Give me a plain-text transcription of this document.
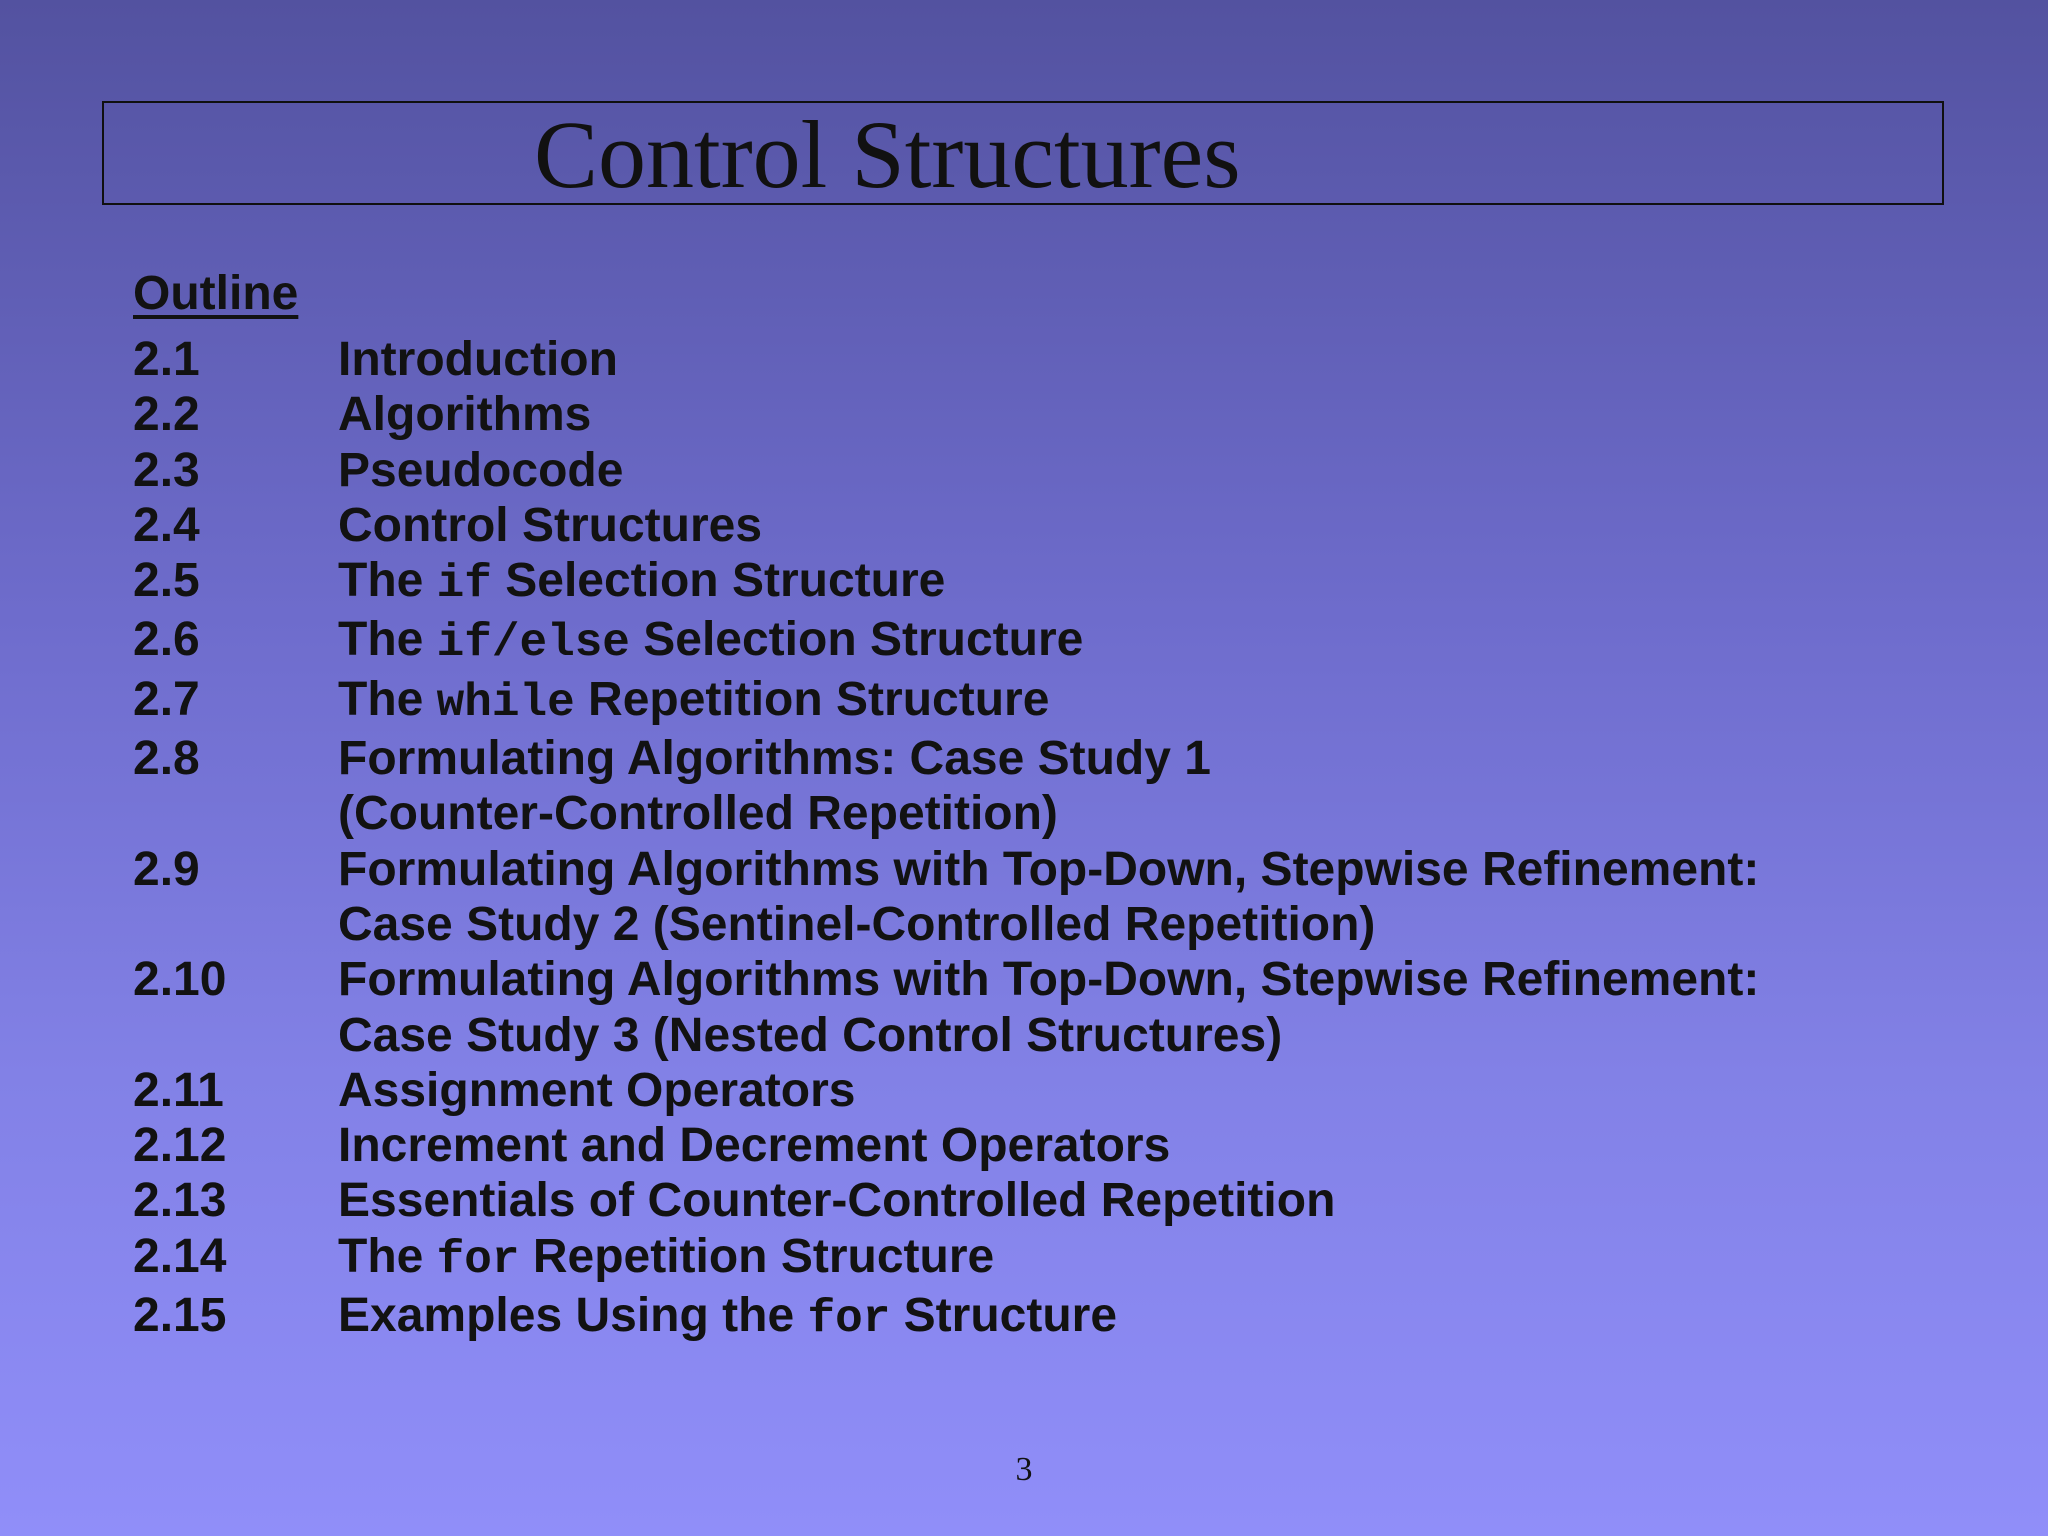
Control Structures
Outline
2.1	Introduction
2.2	Algorithms
2.3	Pseudocode
2.4	Control Structures
2.5	The if Selection Structure
2.6	The if/else Selection Structure
2.7	The while Repetition Structure
2.8	Formulating Algorithms: Case Study 1
(Counter-Controlled Repetition)
2.9	Formulating Algorithms with Top-Down, Stepwise Refinement:
Case Study 2 (Sentinel-Controlled Repetition)
2.10	Formulating Algorithms with Top-Down, Stepwise Refinement:
Case Study 3 (Nested Control Structures)
2.11	Assignment Operators
2.12	Increment and Decrement Operators
2.13	Essentials of Counter-Controlled Repetition
2.14	The for Repetition Structure
2.15	Examples Using the for Structure
3
